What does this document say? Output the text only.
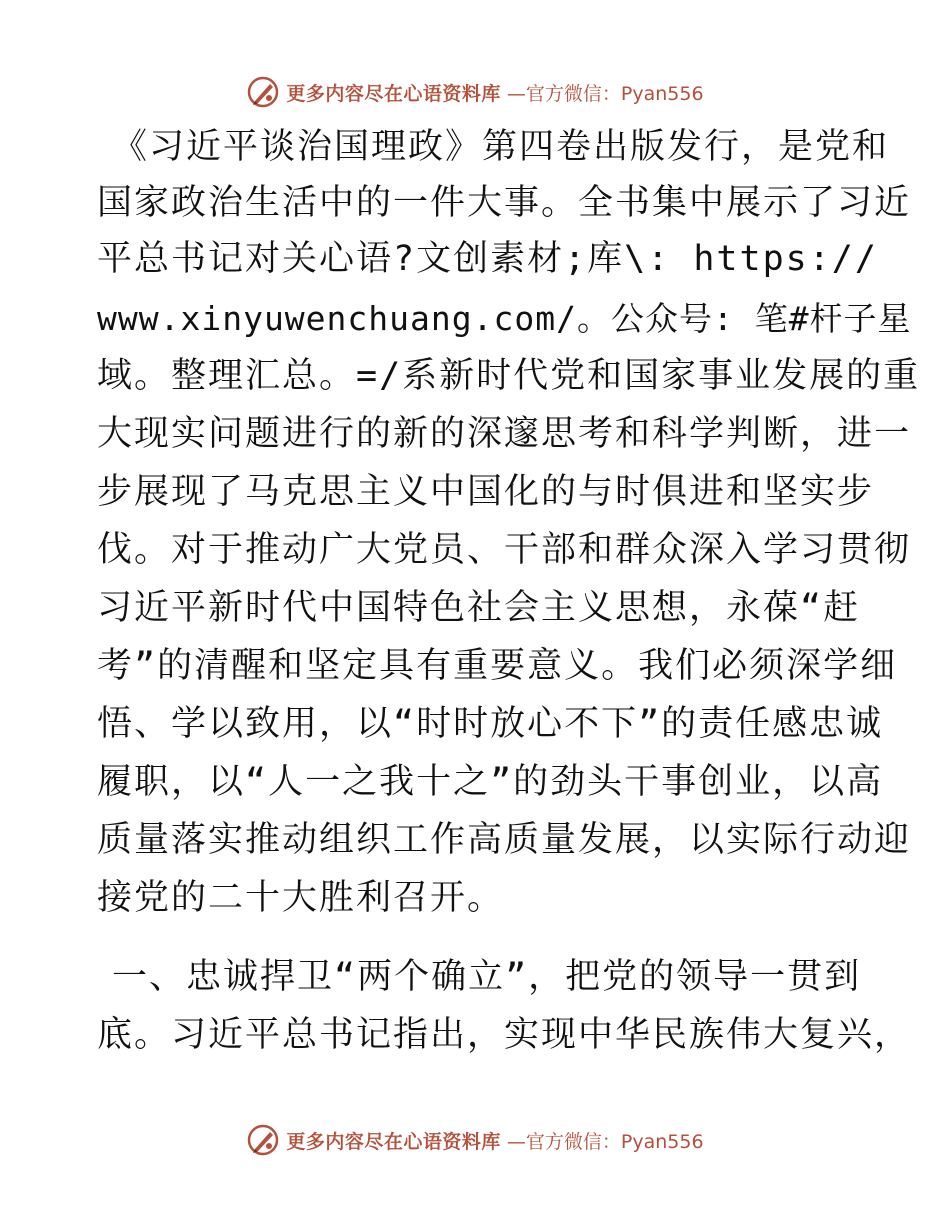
更多内容尽在心语资料库 —官方微信：Pyan556
《习近平谈治国理政》第四卷出版发行，是党和
国家政治生活中的一件大事。全书集中展示了习近
平总书记对关心语?文创素材;库\: https://
www.xinyuwenchuang.com/。公众号: 笔#杆子星
域。整理汇总。=/系新时代党和国家事业发展的重
大现实问题进行的新的深邃思考和科学判断，进一
步展现了马克思主义中国化的与时俱进和坚实步
伐。对于推动广大党员、干部和群众深入学习贯彻
习近平新时代中国特色社会主义思想，永葆“赶
考”的清醒和坚定具有重要意义。我们必须深学细
悟、学以致用，以“时时放心不下”的责任感忠诚
履职，以“人一之我十之”的劲头干事创业，以高
质量落实推动组织工作高质量发展，以实际行动迎
接党的二十大胜利召开。
一、忠诚捍卫“两个确立”，把党的领导一贯到
底。习近平总书记指出，实现中华民族伟大复兴，
更多内容尽在心语资料库 —官方微信：Pyan556
